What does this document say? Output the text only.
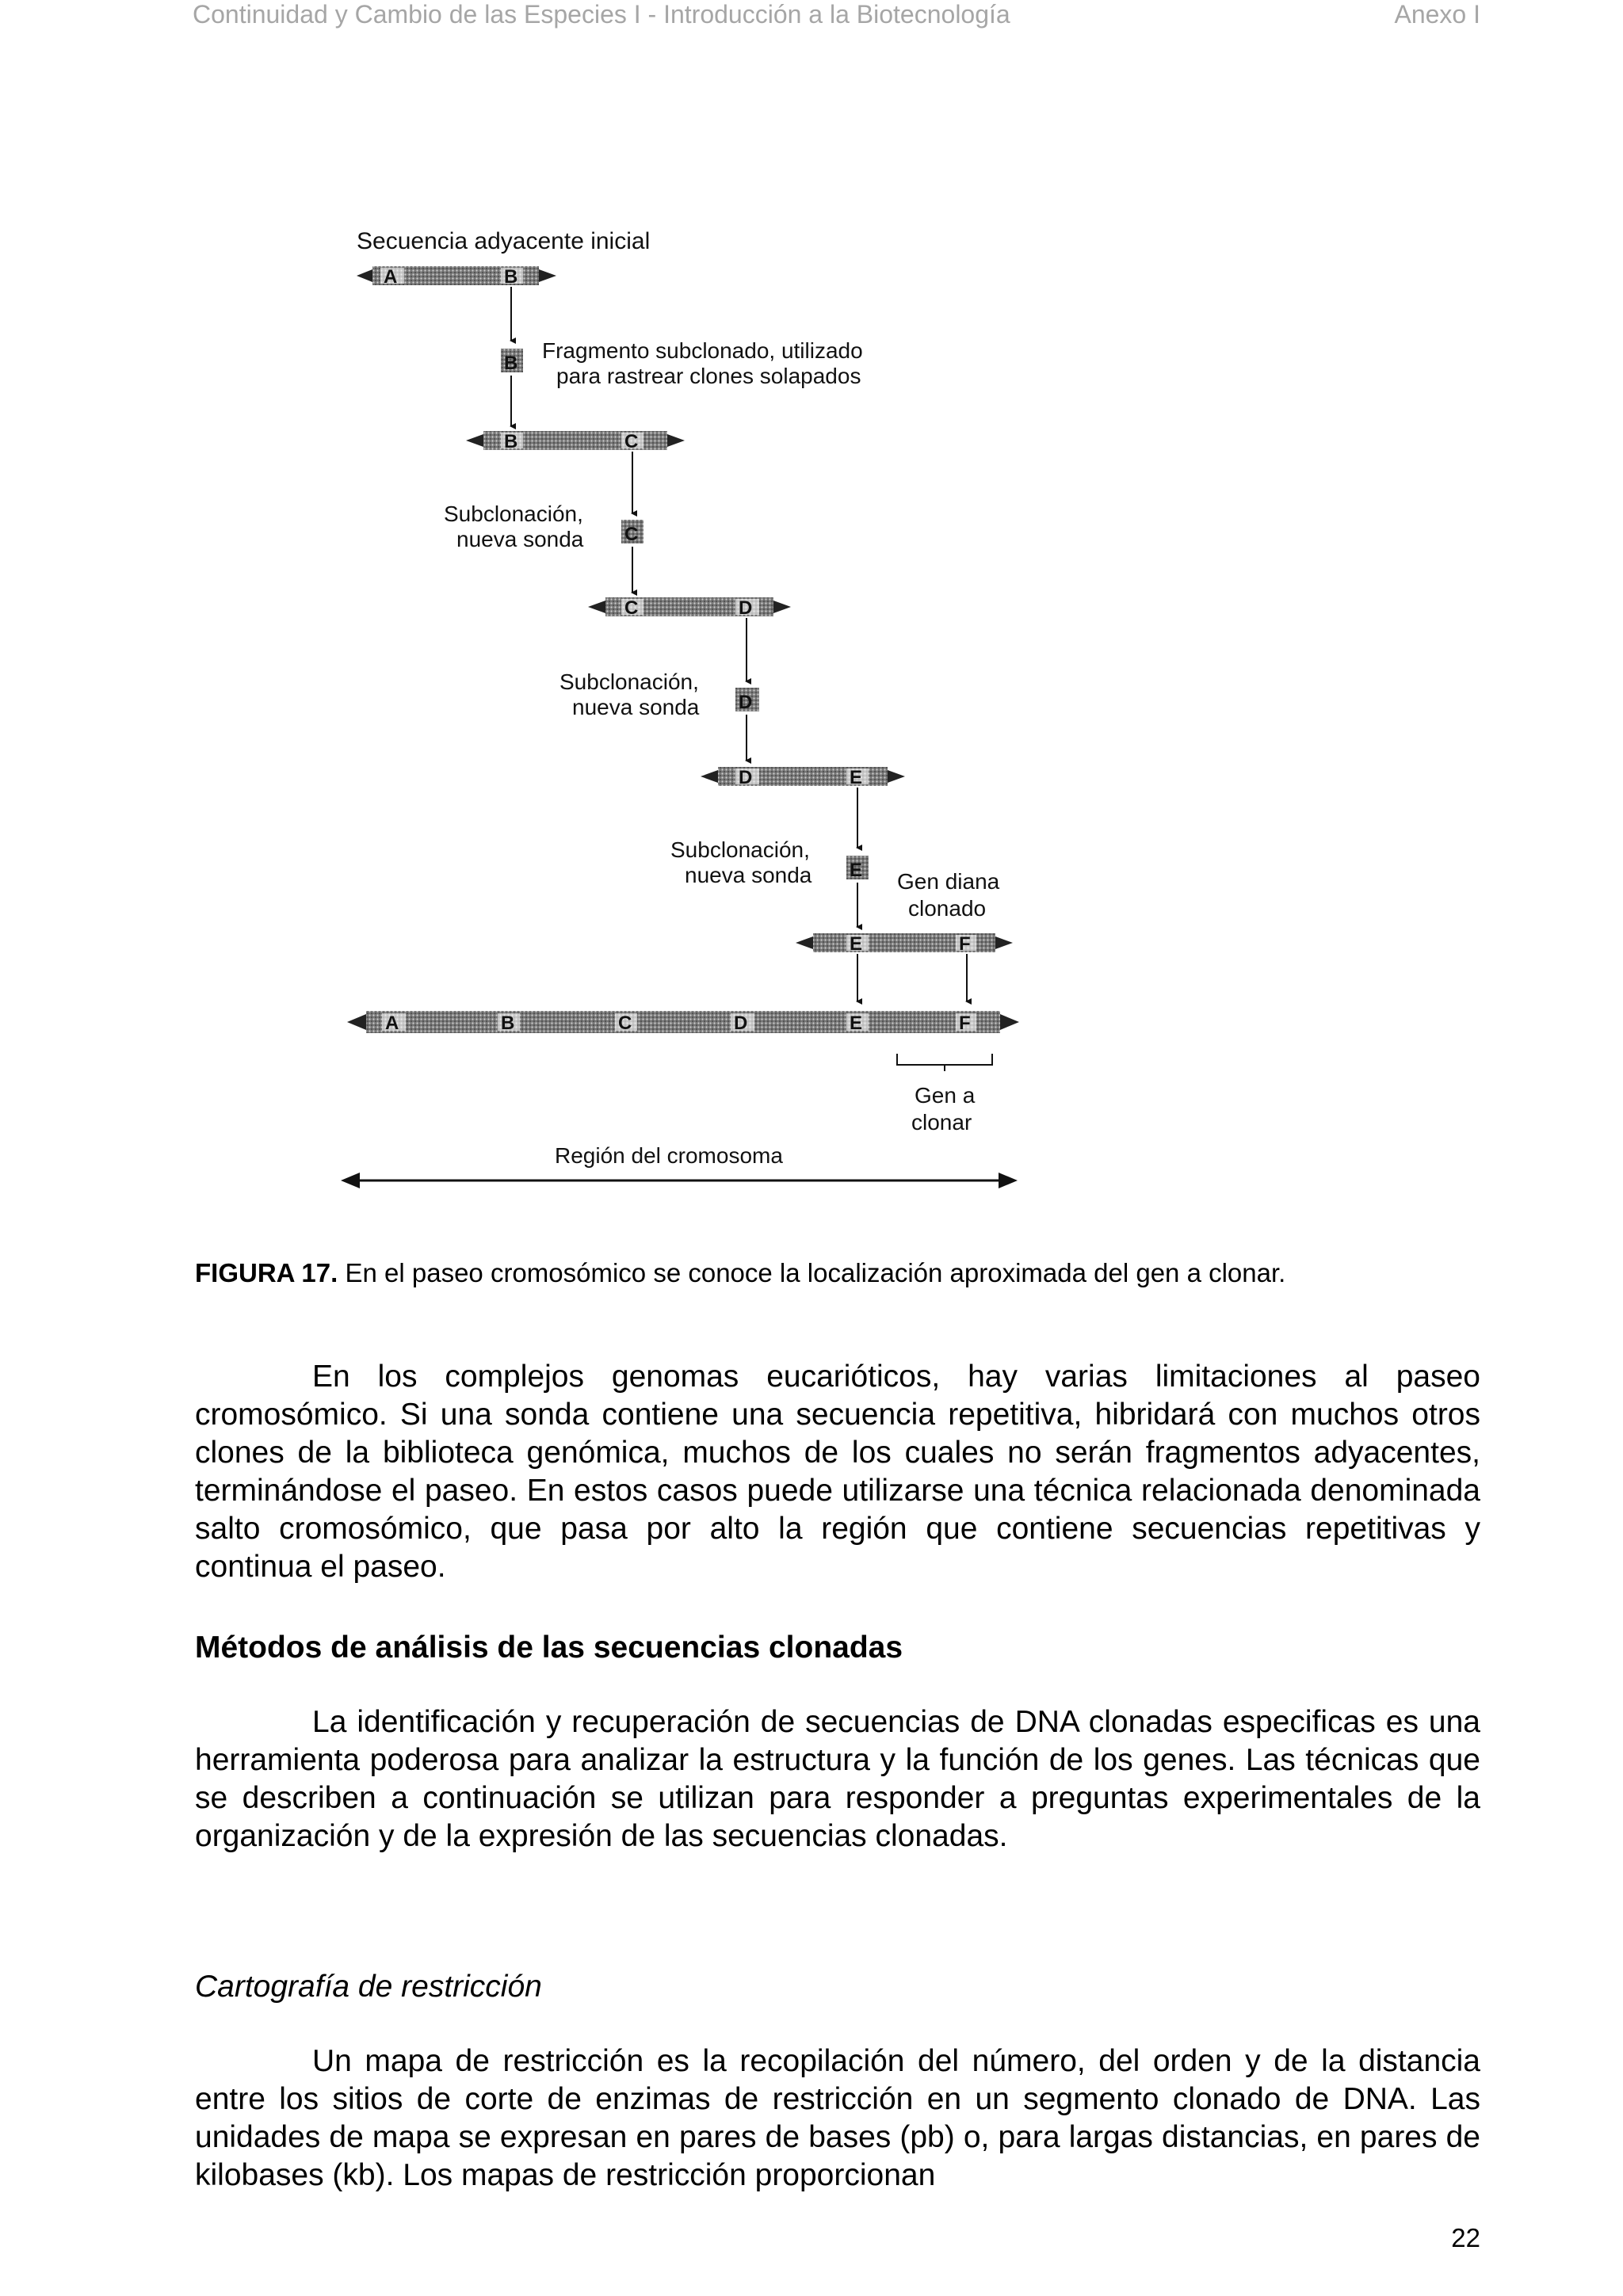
Continuidad y Cambio de las Especies I - Introducción a la Biotecnología	Anexo I
Secuencia adyacente inicial
A	B
B
Fragmento subclonado, utilizado
para rastrear clones solapados
B	C
Subclonación,
nueva sonda C
C	D
Subclonación,
nueva sonda D
D	E
Subclonación,
nueva sonda E Gen diana
clonado
E	F
A	B	C	D	E	F
Gen a
clonar
Región del cromosoma
FIGURA 17. En el paseo cromosómico se conoce la localización aproximada del gen a clonar.

En los complejos genomas eucarióticos, hay varias limitaciones al paseo cromosómico. Si una sonda contiene una secuencia repetitiva, hibridará con muchos otros clones de la biblioteca genómica, muchos de los cuales no serán fragmentos adyacentes, terminándose el paseo. En estos casos puede utilizarse una técnica relacionada denominada salto cromosómico, que pasa por alto la región que contiene secuencias repetitivas y continua el paseo.

Métodos de análisis de las secuencias clonadas

La identificación y recuperación de secuencias de DNA clonadas especificas es una herramienta poderosa para analizar la estructura y la función de los genes. Las técnicas que se describen a continuación se utilizan para responder a preguntas experimentales de la organización y de la expresión de las secuencias clonadas.

Cartografía de restricción

Un mapa de restricción es la recopilación del número, del orden y de la distancia entre los sitios de corte de enzimas de restricción en un segmento clonado de DNA. Las unidades de mapa se expresan en pares de bases (pb) o, para largas distancias, en pares de kilobases (kb). Los mapas de restricción proporcionan

22
